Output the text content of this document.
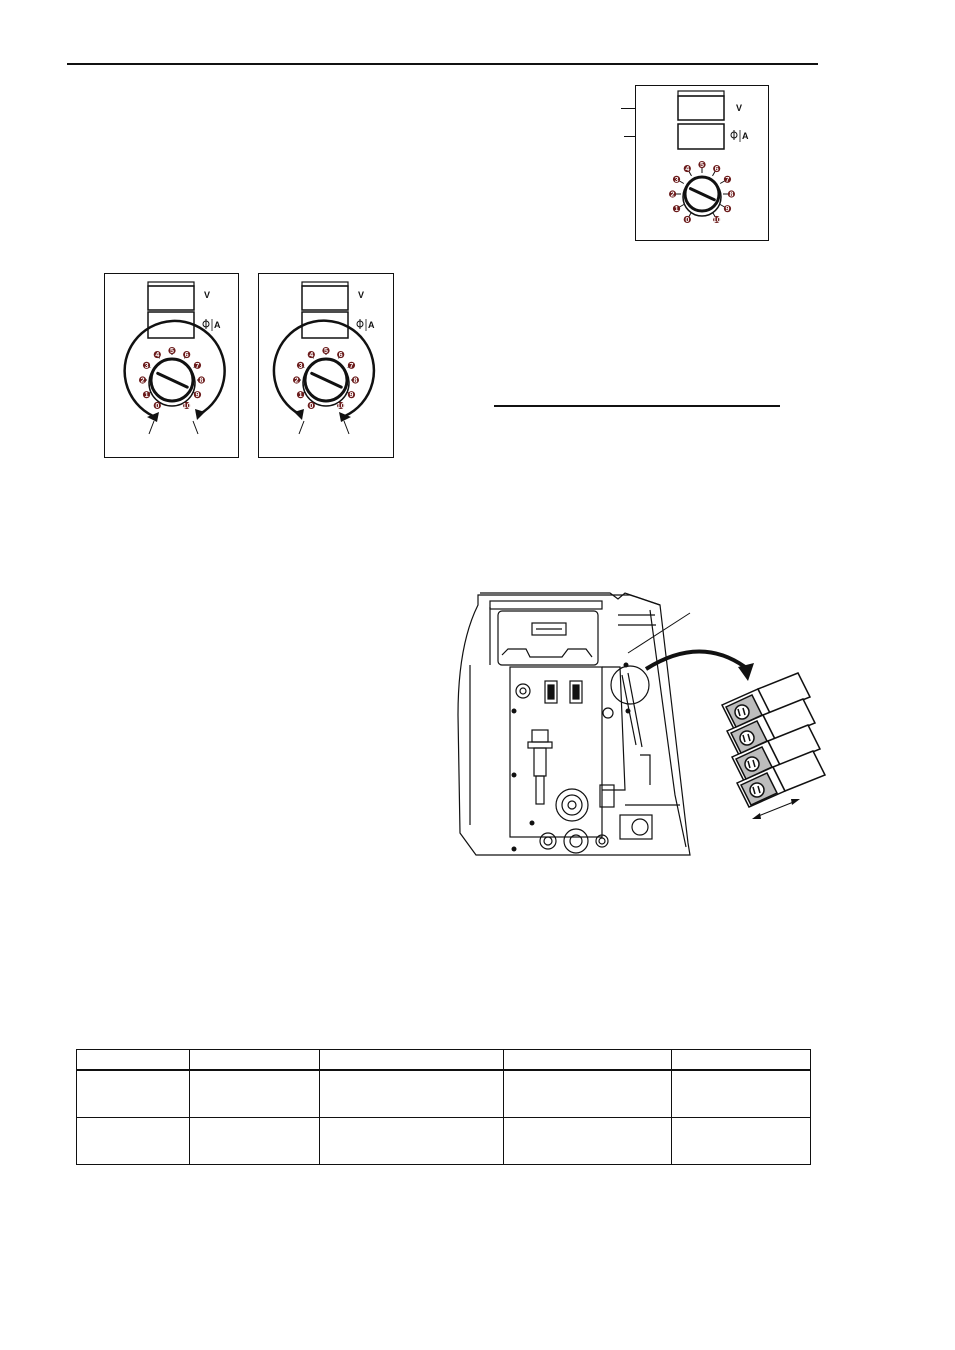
V
A
0
1
2
3
4
5
6
7
8
9
10
V
A
0
1
2
3
4
5
6
7
8
9
10
V
A
0
1
2
3
4
5
6
7
8
9
10
